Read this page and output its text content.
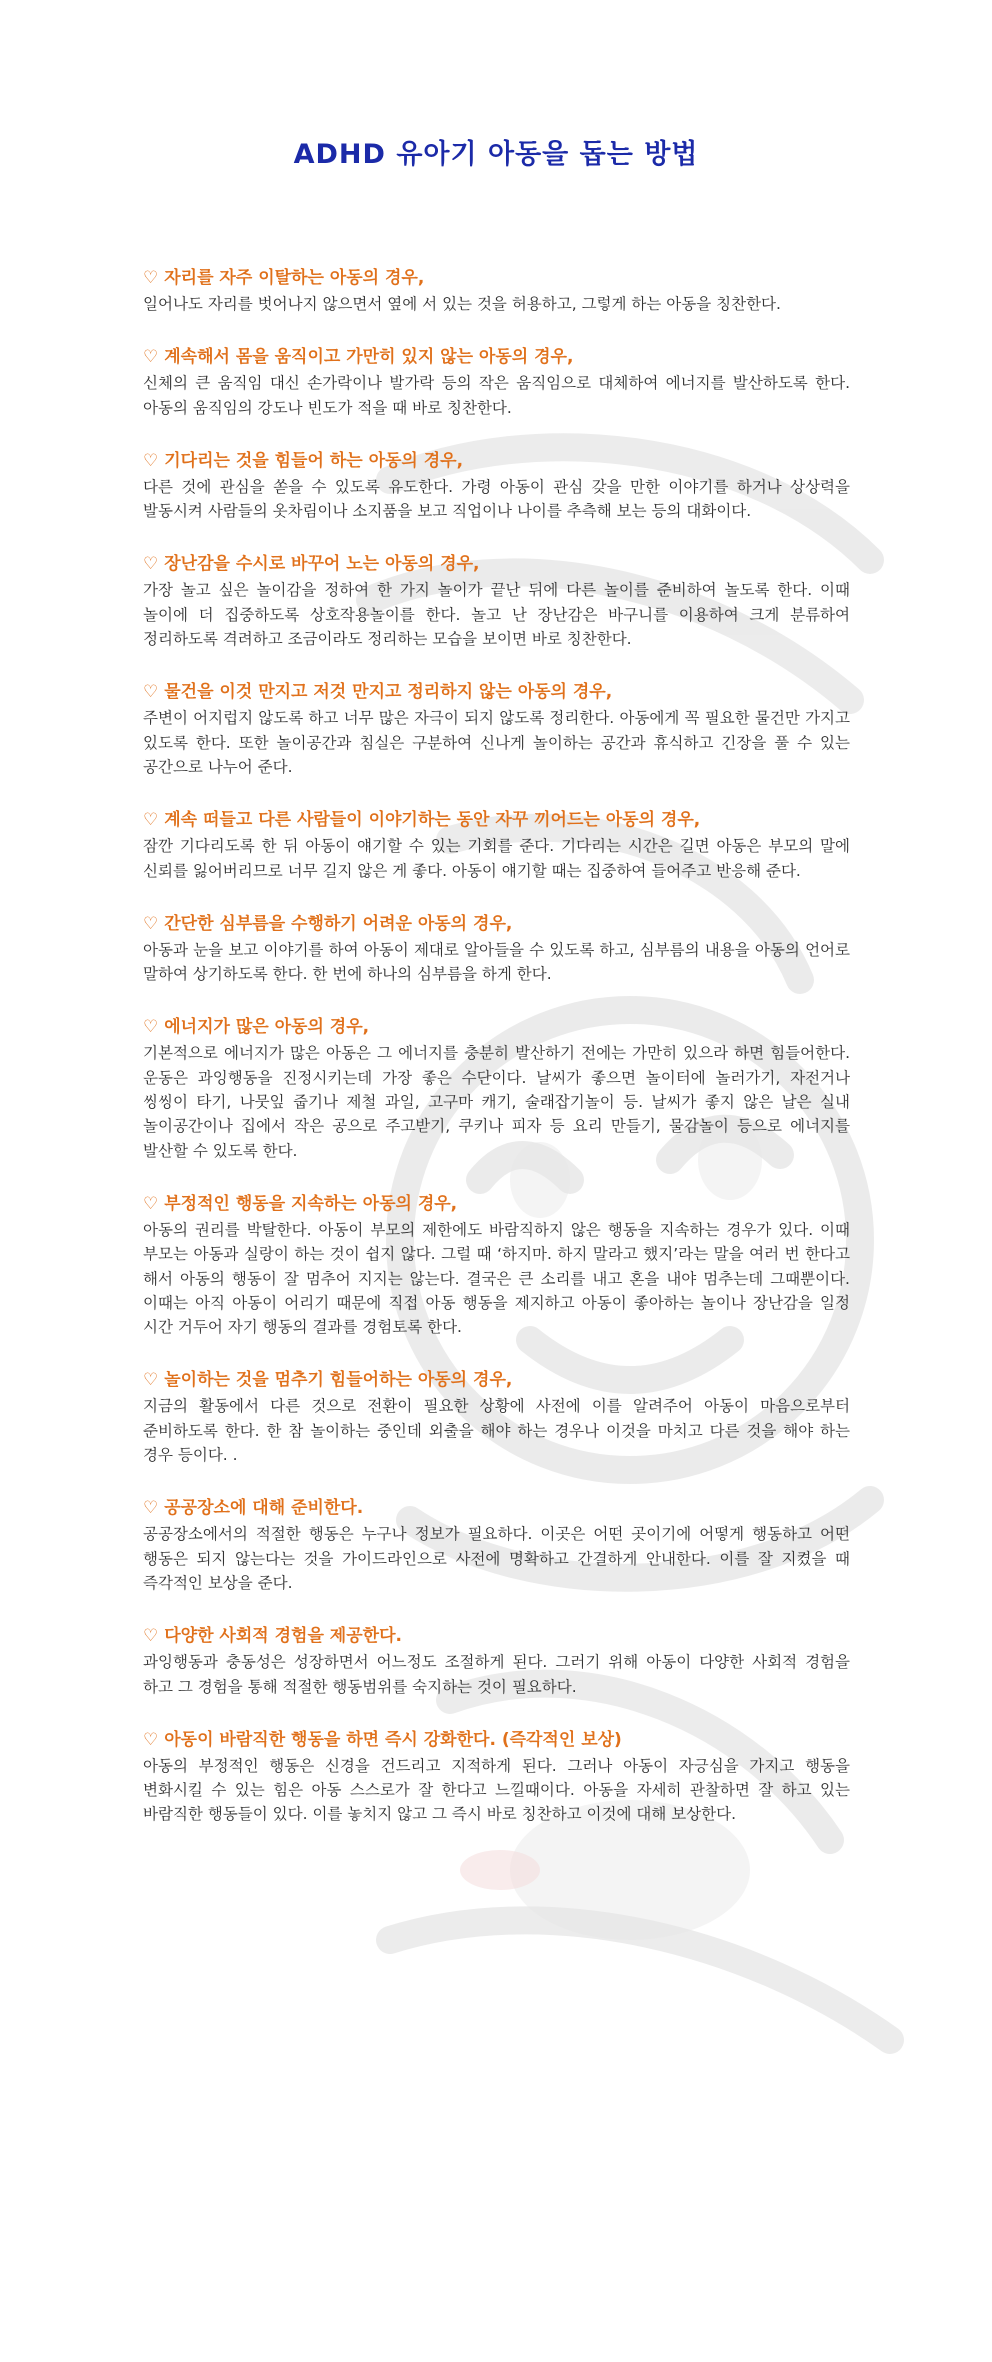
ADHD 유아기 아동을 돕는 방법
♡ 자리를 자주 이탈하는 아동의 경우,

일어나도 자리를 벗어나지 않으면서 옆에 서 있는 것을 허용하고, 그렇게 하는 아동을 칭찬한다.

♡ 계속해서 몸을 움직이고 가만히 있지 않는 아동의 경우,

신체의 큰 움직임 대신 손가락이나 발가락 등의 작은 움직임으로 대체하여 에너지를 발산하도록 한다. 아동의 움직임의 강도나 빈도가 적을 때 바로 칭찬한다.

♡ 기다리는 것을 힘들어 하는 아동의 경우,

다른 것에 관심을 쏟을 수 있도록 유도한다. 가령 아동이 관심 갖을 만한 이야기를 하거나 상상력을 발동시켜 사람들의 옷차림이나 소지품을 보고 직업이나 나이를 추측해 보는 등의 대화이다.

♡ 장난감을 수시로 바꾸어 노는 아동의 경우,

가장 놀고 싶은 놀이감을 정하여 한 가지 놀이가 끝난 뒤에 다른 놀이를 준비하여 놀도록 한다. 이때 놀이에 더 집중하도록 상호작용놀이를 한다. 놀고 난 장난감은 바구니를 이용하여 크게 분류하여 정리하도록 격려하고 조금이라도 정리하는 모습을 보이면 바로 칭찬한다.

♡ 물건을 이것 만지고 저것 만지고 정리하지 않는 아동의 경우,

주변이 어지럽지 않도록 하고 너무 많은 자극이 되지 않도록 정리한다. 아동에게 꼭 필요한 물건만 가지고 있도록 한다. 또한 놀이공간과 침실은 구분하여 신나게 놀이하는 공간과 휴식하고 긴장을 풀 수 있는 공간으로 나누어 준다.

♡ 계속 떠들고 다른 사람들이 이야기하는 동안 자꾸 끼어드는 아동의 경우,

잠깐 기다리도록 한 뒤 아동이 얘기할 수 있는 기회를 준다. 기다리는 시간은 길면 아동은 부모의 말에 신뢰를 잃어버리므로 너무 길지 않은 게 좋다. 아동이 얘기할 때는 집중하여 들어주고 반응해 준다.

♡ 간단한 심부름을 수행하기 어려운 아동의 경우,

아동과 눈을 보고 이야기를 하여 아동이 제대로 알아들을 수 있도록 하고, 심부름의 내용을 아동의 언어로 말하여 상기하도록 한다. 한 번에 하나의 심부름을 하게 한다.

♡ 에너지가 많은 아동의 경우,

기본적으로 에너지가 많은 아동은 그 에너지를 충분히 발산하기 전에는 가만히 있으라 하면 힘들어한다. 운동은 과잉행동을 진정시키는데 가장 좋은 수단이다. 날씨가 좋으면 놀이터에 놀러가기, 자전거나 씽씽이 타기, 나뭇잎 줍기나 제철 과일, 고구마 캐기, 술래잡기놀이 등. 날씨가 좋지 않은 날은 실내 놀이공간이나 집에서 작은 공으로 주고받기, 쿠키나 피자 등 요리 만들기, 물감놀이 등으로 에너지를 발산할 수 있도록 한다.

♡ 부정적인 행동을 지속하는 아동의 경우,

아동의 권리를 박탈한다. 아동이 부모의 제한에도 바람직하지 않은 행동을 지속하는 경우가 있다. 이때 부모는 아동과 실랑이 하는 것이 쉽지 않다. 그럴 때 ‘하지마. 하지 말라고 했지’라는 말을 여러 번 한다고 해서 아동의 행동이 잘 멈추어 지지는 않는다. 결국은 큰 소리를 내고 혼을 내야 멈추는데 그때뿐이다. 이때는 아직 아동이 어리기 때문에 직접 아동 행동을 제지하고 아동이 좋아하는 놀이나 장난감을 일정 시간 거두어 자기 행동의 결과를 경험토록 한다.

♡ 놀이하는 것을 멈추기 힘들어하는 아동의 경우,

지금의 활동에서 다른 것으로 전환이 필요한 상황에 사전에 이를 알려주어 아동이 마음으로부터 준비하도록 한다. 한 참 놀이하는 중인데 외출을 해야 하는 경우나 이것을 마치고 다른 것을 해야 하는 경우 등이다. .

♡ 공공장소에 대해 준비한다.

공공장소에서의 적절한 행동은 누구나 정보가 필요하다. 이곳은 어떤 곳이기에 어떻게 행동하고 어떤 행동은 되지 않는다는 것을 가이드라인으로 사전에 명확하고 간결하게 안내한다. 이를 잘 지켰을 때 즉각적인 보상을 준다.

♡ 다양한 사회적 경험을 제공한다.

과잉행동과 충동성은 성장하면서 어느정도 조절하게 된다. 그러기 위해 아동이 다양한 사회적 경험을 하고 그 경험을 통해 적절한 행동범위를 숙지하는 것이 필요하다.

♡ 아동이 바람직한 행동을 하면 즉시 강화한다. (즉각적인 보상)

아동의 부정적인 행동은 신경을 건드리고 지적하게 된다. 그러나 아동이 자긍심을 가지고 행동을 변화시킬 수 있는 힘은 아동 스스로가 잘 한다고 느낄때이다. 아동을 자세히 관찰하면 잘 하고 있는 바람직한 행동들이 있다. 이를 놓치지 않고 그 즉시 바로 칭찬하고 이것에 대해 보상한다.
